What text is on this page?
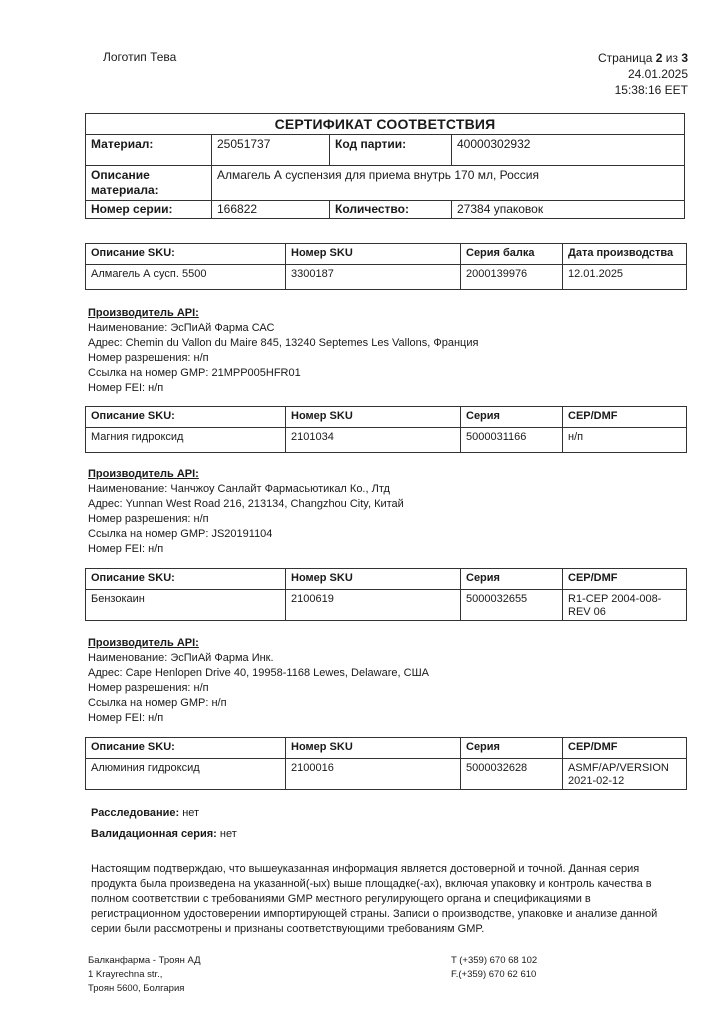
Логотип Тева	Страница 2 из 3
24.01.2025
15:38:16 EET
СЕРТИФИКАТ СООТВЕТСТВИЯ
Материал:	25051737	Код партии:	40000302932
Описание материала:
Алмагель А суспензия для приема внутрь 170 мл, Россия
Номер серии:	166822	Количество:	27384 упаковок
Описание SKU:	Номер SKU	Серия балка	Дата производства
Алмагель А сусп. 5500	3300187	2000139976	12.01.2025
Производитель API:
Наименование: ЭсПиАй Фарма САС
Адрес: Chemin du Vallon du Maire 845, 13240 Septemes Les Vallons, Франция
Номер разрешения: н/п
Ссылка на номер GMP: 21MPP005HFR01
Номер FEI: н/п
Описание SKU:	Номер SKU	Серия	CEP/DMF
Магния гидроксид	2101034	5000031166	н/п
Производитель API:
Наименование: Чанчжоу Санлайт Фармасьютикал Ко., Лтд
Адрес: Yunnan West Road 216, 213134, Changzhou City, Китай
Номер разрешения: н/п
Ссылка на номер GMP: JS20191104
Номер FEI: н/п
Описание SKU:	Номер SKU	Серия	CEP/DMF
Бензокаин	2100619	5000032655	R1-CEP 2004-008-REV 06
Производитель API:
Наименование: ЭсПиАй Фарма Инк.
Адрес: Cape Henlopen Drive 40, 19958-1168 Lewes, Delaware, США
Номер разрешения: н/п
Ссылка на номер GMP: н/п
Номер FEI: н/п
Описание SKU:	Номер SKU	Серия	CEP/DMF
Алюминия гидроксид	2100016	5000032628	ASMF/AP/VERSION 2021-02-12
Расследование: нет
Валидационная серия: нет
Настоящим подтверждаю, что вышеуказанная информация является достоверной и точной. Данная серия продукта была произведена на указанной(-ых) выше площадке(-ах), включая упаковку и контроль качества в полном соответствии с требованиями GMP местного регулирующего органа и спецификациями в регистрационном удостоверении импортирующей страны. Записи о производстве, упаковке и анализе данной серии были рассмотрены и признаны соответствующими требованиям GMP.
Балканфарма - Троян АД
1 Krayrechna str.,
Троян 5600, Болгария
T (+359) 670 68 102
F.(+359) 670 62 610
